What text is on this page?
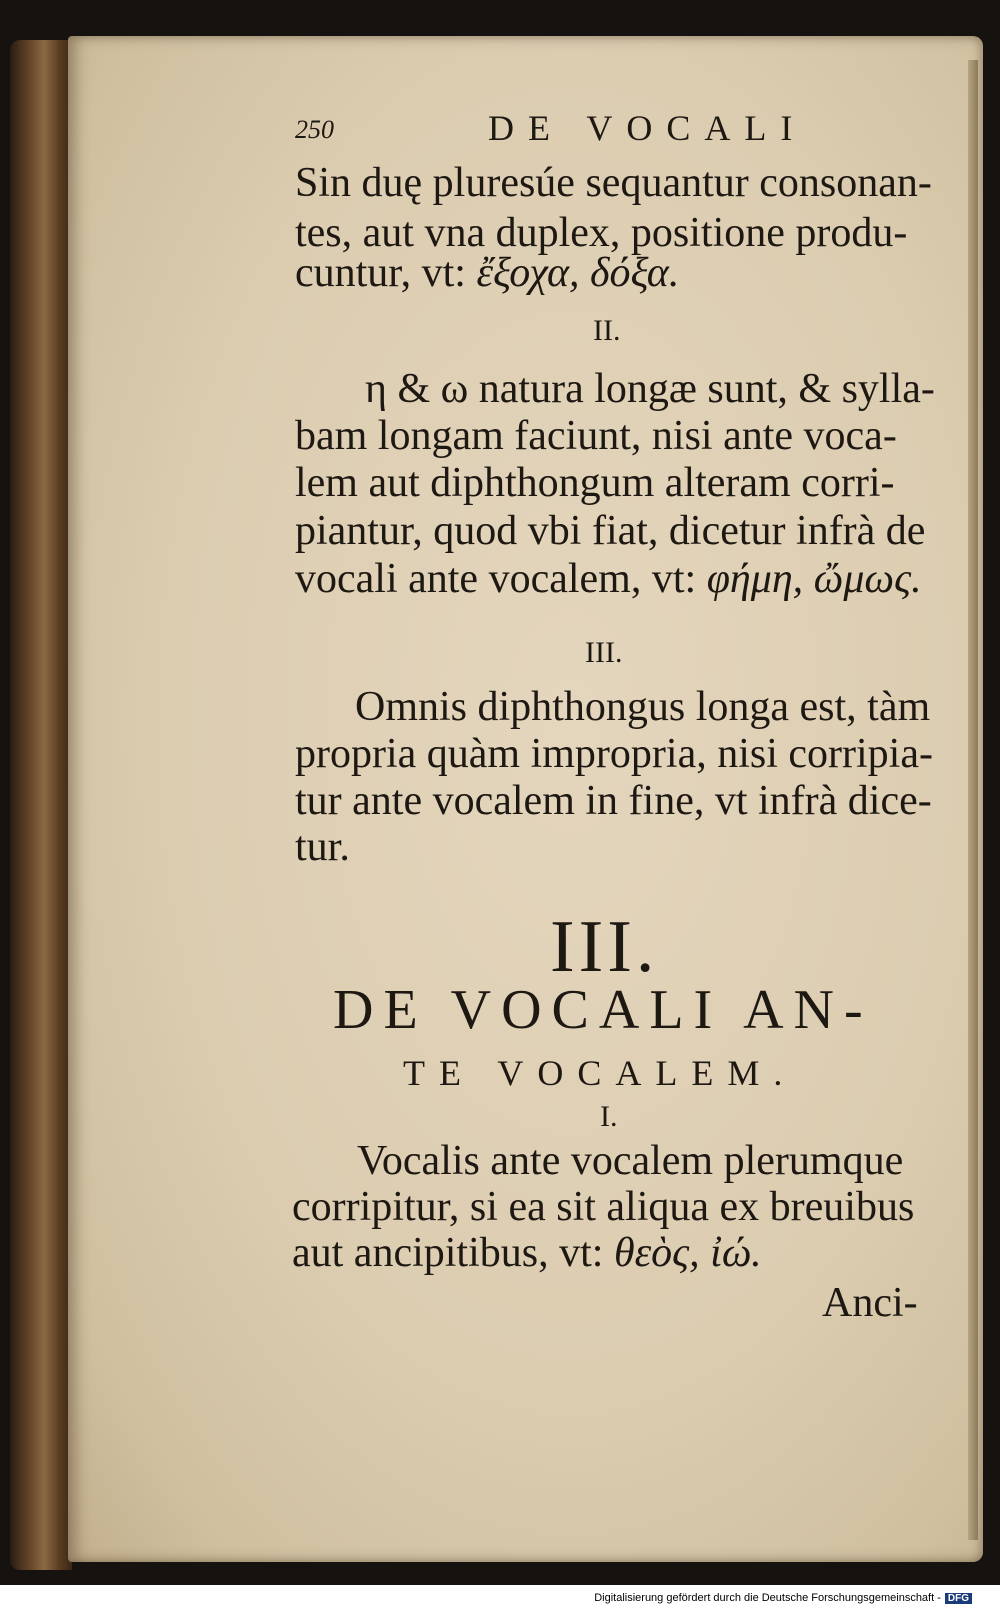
250	DE VOCALI
Sin duę pluresúe sequantur consonan-
tes, aut vna duplex, positione produ-
cuntur, vt: ἔξοχα, δόξα.
II.
η & ω natura longæ sunt, & sylla-
bam longam faciunt, nisi ante voca-
lem aut diphthongum alteram corri-
piantur, quod vbi fiat, dicetur infrà de
vocali ante vocalem, vt: φήμη, ὤμως.
III.
Omnis diphthongus longa est, tàm
propria quàm impropria, nisi corripia-
tur ante vocalem in fine, vt infrà dice-
tur.
III.
DE VOCALI AN-
TE VOCALEM.
I.
Vocalis ante vocalem plerumque
corripitur, si ea sit aliqua ex breuibus
aut ancipitibus, vt: θεὸς, ἰώ.
Anci-
Digitalisierung gefördert durch die Deutsche Forschungsgemeinschaft - DFG
